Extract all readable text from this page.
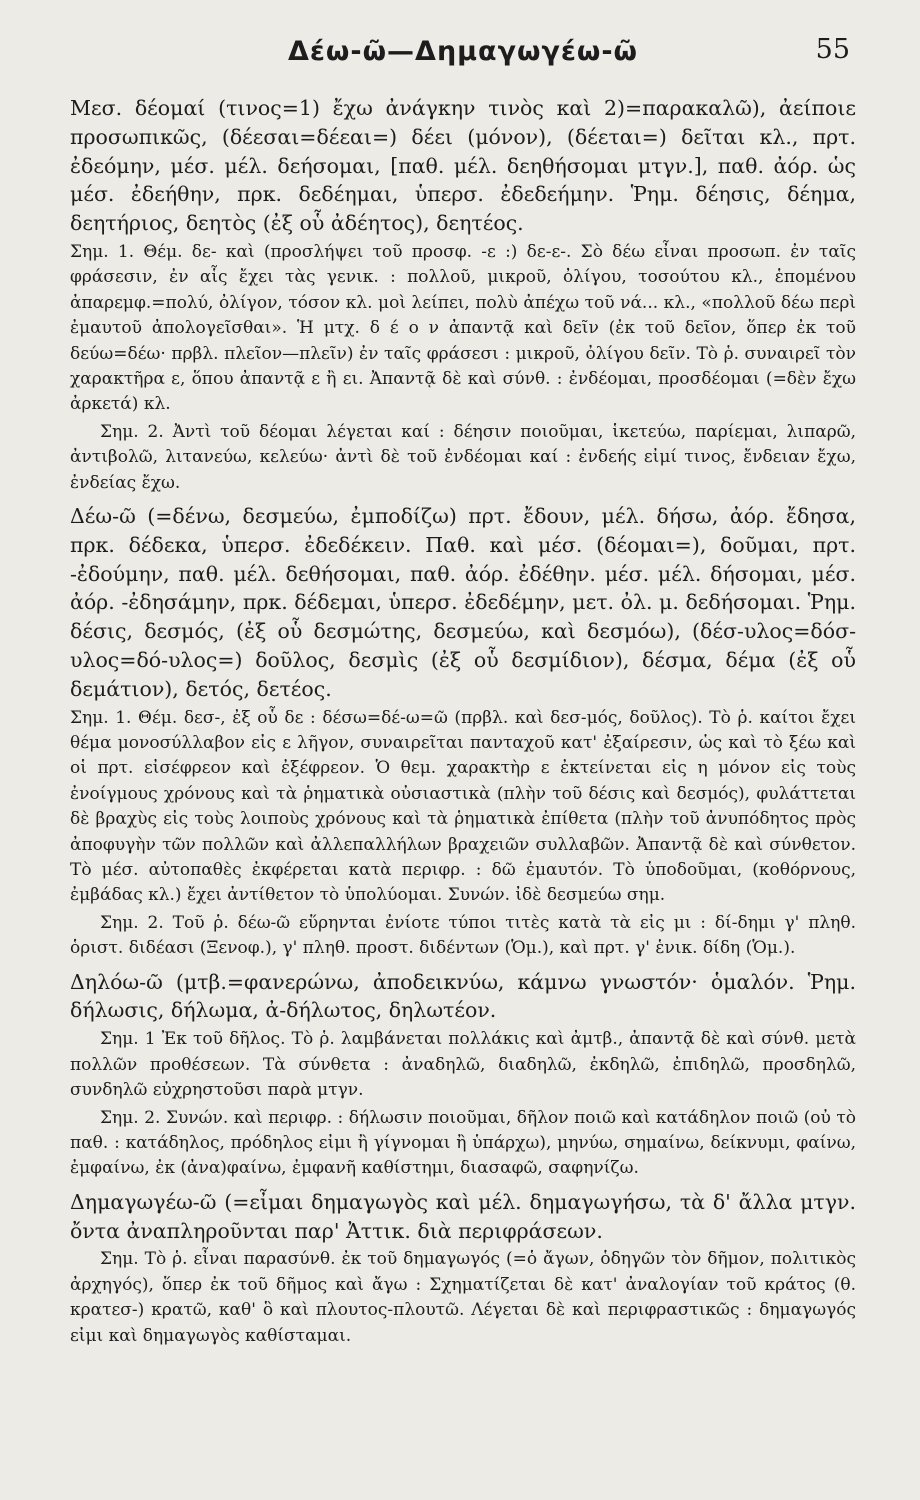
Δέω-ῶ—Δημαγωγέω-ῶ	55

Μεσ. δέομαί (τινος=1) ἔχω ἀνάγκην τινὸς καὶ 2)=παρακαλῶ), ἀείποιε προσωπικῶς, (δέεσαι=δέεαι=) δέει (μόνον), (δέεται=) δεῖται κλ., πρτ. ἐδεόμην, μέσ. μέλ. δεήσομαι, [παθ. μέλ. δεηθήσομαι μτγν.], παθ. ἀόρ. ὡς μέσ. ἐδεήθην, πρκ. δεδέημαι, ὑπερσ. ἐδεδεήμην. Ῥημ. δέησις, δέημα, δεητήριος, δεητὸς (ἐξ οὗ ἀδέητος), δεητέος.

Σημ. 1. Θέμ. δε- καὶ (προσλήψει τοῦ προσφ. -ε :) δε-ε-. Σὸ δέω εἶναι προσωπ. ἐν ταῖς φράσεσιν, ἐν αἷς ἔχει τὰς γενικ. : πολλοῦ, μικροῦ, ὀλίγου, τοσούτου κλ., ἑπομένου ἀπαρεμφ.=πολύ, ὀλίγον, τόσον κλ. μοὶ λείπει, πολὺ ἀπέχω τοῦ νά... κλ., «πολλοῦ δέω περὶ ἐμαυτοῦ ἀπολογεῖσθαι». Ἡ μτχ. δ έ ο ν ἀπαντᾷ καὶ δεῖν (ἐκ τοῦ δεῖον, ὅπερ ἐκ τοῦ δεύω=δέω· πρβλ. πλεῖον—πλεῖν) ἐν ταῖς φράσεσι : μικροῦ, ὀλίγου δεῖν. Τὸ ῥ. συναιρεῖ τὸν χαρακτῆρα ε, ὅπου ἀπαντᾷ ε ἢ ει. Ἀπαντᾷ δὲ καὶ σύνθ. : ἐνδέομαι, προσδέομαι (=δὲν ἔχω ἀρκετά) κλ.

Σημ. 2. Ἀντὶ τοῦ δέομαι λέγεται καί : δέησιν ποιοῦμαι, ἱκετεύω, παρίεμαι, λιπαρῶ, ἀντιβολῶ, λιτανεύω, κελεύω· ἀντὶ δὲ τοῦ ἐνδέομαι καί : ἐνδεής εἰμί τινος, ἔνδειαν ἔχω, ἐνδείας ἔχω.

Δέω-ῶ (=δένω, δεσμεύω, ἐμποδίζω) πρτ. ἔδουν, μέλ. δήσω, ἀόρ. ἔδησα, πρκ. δέδεκα, ὑπερσ. ἐδεδέκειν. Παθ. καὶ μέσ. (δέομαι=), δοῦμαι, πρτ. -ἐδούμην, παθ. μέλ. δεθήσομαι, παθ. ἀόρ. ἐδέθην. μέσ. μέλ. δήσομαι, μέσ. ἀόρ. -ἐδησάμην, πρκ. δέδεμαι, ὑπερσ. ἐδεδέμην, μετ. ὀλ. μ. δεδήσομαι. Ῥημ. δέσις, δεσμός, (ἐξ οὗ δεσμώτης, δεσμεύω, καὶ δεσμόω), (δέσ-υλος=δόσ-υλος=δό-υλος=) δοῦλος, δεσμὶς (ἐξ οὗ δεσμίδιον), δέσμα, δέμα (ἐξ οὗ δεμάτιον), δετός, δετέος.

Σημ. 1. Θέμ. δεσ-, ἐξ οὗ δε : δέσω=δέ-ω=ῶ (πρβλ. καὶ δεσ-μός, δοῦλος). Τὸ ῥ. καίτοι ἔχει θέμα μονοσύλλαβον εἰς ε λῆγον, συναιρεῖται πανταχοῦ κατ' ἐξαίρεσιν, ὡς καὶ τὸ ξέω καὶ οἱ πρτ. εἰσέφρεον καὶ ἐξέφρεον. Ὁ θεμ. χαρακτὴρ ε ἐκτείνεται εἰς η μόνον εἰς τοὺς ἐνοίγμους χρόνους καὶ τὰ ῥηματικὰ οὐσιαστικὰ (πλὴν τοῦ δέσις καὶ δεσμός), φυλάττεται δὲ βραχὺς εἰς τοὺς λοιποὺς χρόνους καὶ τὰ ῥηματικὰ ἐπίθετα (πλὴν τοῦ ἀνυπόδητος πρὸς ἀποφυγὴν τῶν πολλῶν καὶ ἀλλεπαλλήλων βραχειῶν συλλαβῶν. Ἀπαντᾷ δὲ καὶ σύνθετον. Τὸ μέσ. αὐτοπαθὲς ἐκφέρεται κατὰ περιφρ. : δῶ ἐμαυτόν. Τὸ ὑποδοῦμαι, (κοθόρνους, ἐμβάδας κλ.) ἔχει ἀντίθετον τὸ ὑπολύομαι. Συνών. ἰδὲ δεσμεύω σημ.

Σημ. 2. Τοῦ ῥ. δέω-ῶ εὕρηνται ἐνίοτε τύποι τιτὲς κατὰ τὰ εἰς μι : δί-δημι γ' πληθ. ὁριστ. διδέασι (Ξενοφ.), γ' πληθ. προστ. διδέντων (Ὁμ.), καὶ πρτ. γ' ἑνικ. δίδη (Ὁμ.).

Δηλόω-ῶ (μτβ.=φανερώνω, ἀποδεικνύω, κάμνω γνωστόν· ὁμαλόν. Ῥημ. δήλωσις, δήλωμα, ἀ-δήλωτος, δηλωτέον.

Σημ. 1 Ἐκ τοῦ δῆλος. Τὸ ῥ. λαμβάνεται πολλάκις καὶ ἀμτβ., ἀπαντᾷ δὲ καὶ σύνθ. μετὰ πολλῶν προθέσεων. Τὰ σύνθετα : ἀναδηλῶ, διαδηλῶ, ἐκδηλῶ, ἐπιδηλῶ, προσδηλῶ, συνδηλῶ εὐχρηστοῦσι παρὰ μτγν.

Σημ. 2. Συνών. καὶ περιφρ. : δήλωσιν ποιοῦμαι, δῆλον ποιῶ καὶ κατάδηλον ποιῶ (οὐ τὸ παθ. : κατάδηλος, πρόδηλος εἰμι ἢ γίγνομαι ἢ ὑπάρχω), μηνύω, σημαίνω, δείκνυμι, φαίνω, ἐμφαίνω, ἐκ (ἀνα)φαίνω, ἐμφανῆ καθίστημι, διασαφῶ, σαφηνίζω.

Δημαγωγέω-ῶ (=εἶμαι δημαγωγὸς καὶ μέλ. δημαγωγήσω, τὰ δ' ἄλλα μτγν. ὄντα ἀναπληροῦνται παρ' Ἀττικ. διὰ περιφράσεων.

Σημ. Τὸ ῥ. εἶναι παρασύνθ. ἐκ τοῦ δημαγωγός (=ὁ ἄγων, ὁδηγῶν τὸν δῆμον, πολιτικὸς ἀρχηγός), ὅπερ ἐκ τοῦ δῆμος καὶ ἄγω : Σχηματίζεται δὲ κατ' ἀναλογίαν τοῦ κράτος (θ. κρατεσ-) κρατῶ, καθ' ὃ καὶ πλουτος-πλουτῶ. Λέγεται δὲ καὶ περιφραστικῶς : δημαγωγός εἰμι καὶ δημαγωγὸς καθίσταμαι.
